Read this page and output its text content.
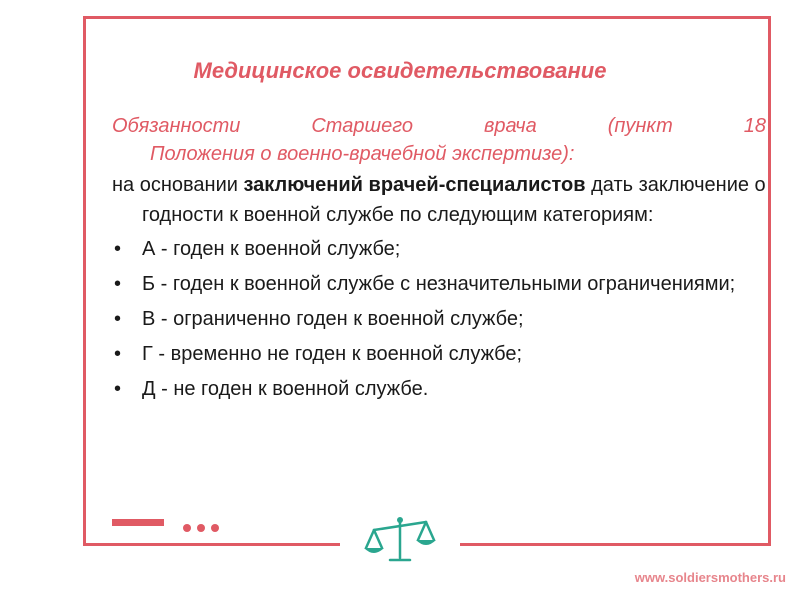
Медицинское освидетельствование
Обязанности	Старшего	врача	(пункт	18
Положения о военно-врачебной экспертизе):
на основании заключений врачей-специалистов дать заключение о годности к военной службе по следующим категориям:
• А - годен к военной службе;
• Б - годен к военной службе с незначительными ограничениями;
• В - ограниченно годен к военной службе;
• Г - временно не годен к военной службе;
• Д - не годен к военной службе.
www.soldiersmothers.ru
